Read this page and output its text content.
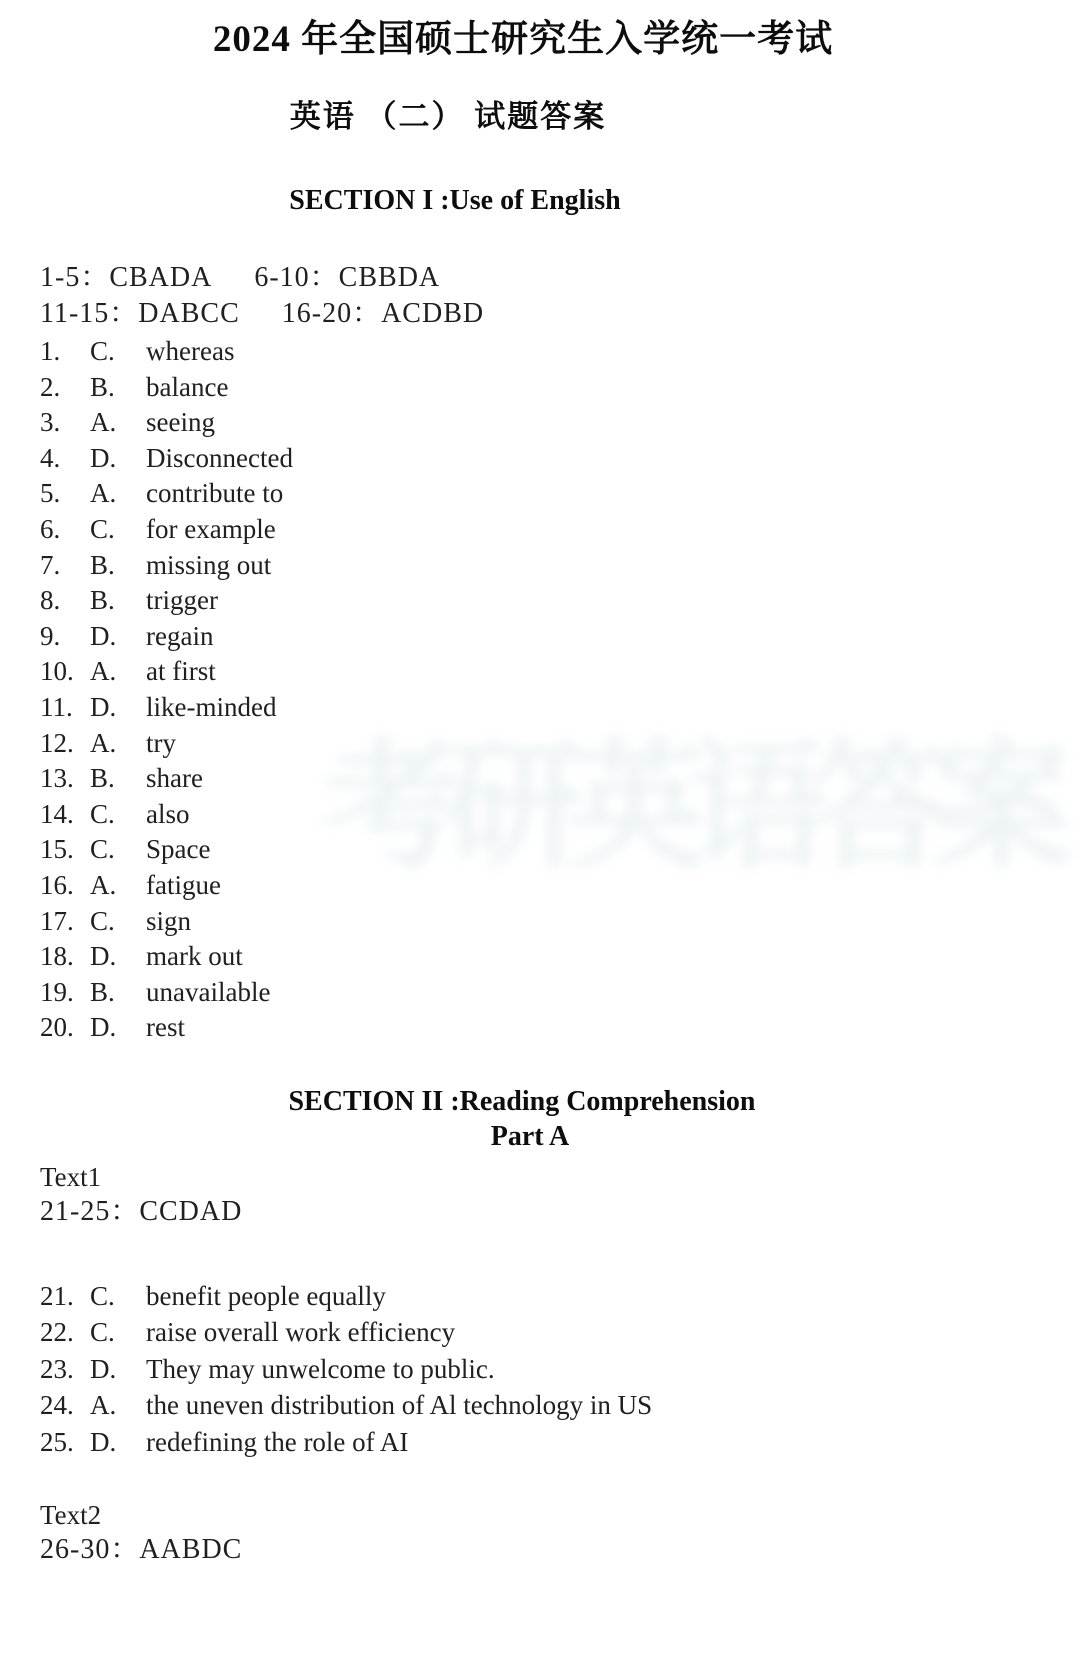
考研英语答案
2024 年全国硕士研究生入学统一考试
英语 （二） 试题答案
SECTION I :Use of English
1-5：CBADA 6-10：CBBDA
11-15：DABCC 16-20：ACDBD
1.	C.	whereas
2.	B.	balance
3.	A.	seeing
4.	D.	Disconnected
5.	A.	contribute to
6.	C.	for example
7.	B.	missing out
8.	B.	trigger
9.	D.	regain
10. A.	at first
11. D.	like-minded
12. A.	try
13. B.	share
14. C.	also
15. C.	Space
16. A.	fatigue
17. C.	sign
18. D.	mark out
19. B.	unavailable
20. D.	rest
SECTION II :Reading Comprehension
Part A
Text1
21-25：CCDAD
21. C.	benefit people equally
22. C.	raise overall work efficiency
23. D.	They may unwelcome to public.
24. A.	the uneven distribution of Al technology in US
25. D.	redefining the role of AI
Text2
26-30：AABDC
